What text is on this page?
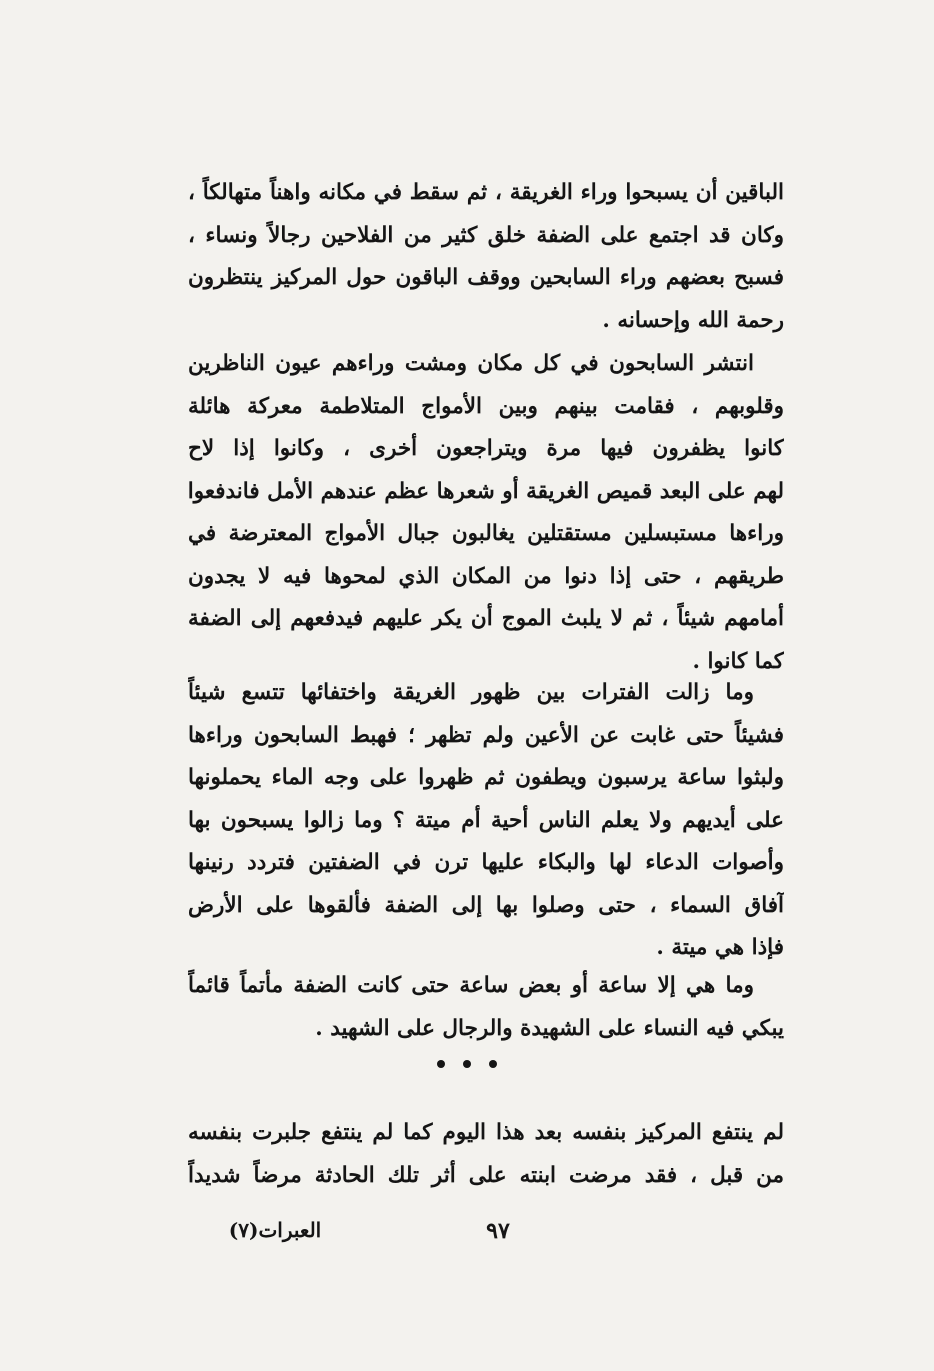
الباقين أن يسبحوا وراء الغريقة ، ثم سقط في مكانه واهناً متهالكاً ،
وكان قد اجتمع على الضفة خلق كثير من الفلاحين رجالاً ونساء ،
فسبح بعضهم وراء السابحين ووقف الباقون حول المركيز ينتظرون
رحمة الله وإحسانه .
انتشر السابحون في كل مكان ومشت وراءهم عيون الناظرين
وقلوبهم ، فقامت بينهم وبين الأمواج المتلاطمة معركة هائلة
كانوا يظفرون فيها مرة ويتراجعون أخرى ، وكانوا إذا لاح
لهم على البعد قميص الغريقة أو شعرها عظم عندهم الأمل فاندفعوا
وراءها مستبسلين مستقتلين يغالبون جبال الأمواج المعترضة في
طريقهم ، حتى إذا دنوا من المكان الذي لمحوها فيه لا يجدون
أمامهم شيئاً ، ثم لا يلبث الموج أن يكر عليهم فيدفعهم إلى الضفة
كما كانوا .
وما زالت الفترات بين ظهور الغريقة واختفائها تتسع شيئاً
فشيئاً حتى غابت عن الأعين ولم تظهر ؛ فهبط السابحون وراءها
ولبثوا ساعة يرسبون ويطفون ثم ظهروا على وجه الماء يحملونها
على أيديهم ولا يعلم الناس أحية أم ميتة ؟ وما زالوا يسبحون بها
وأصوات الدعاء لها والبكاء عليها ترن في الضفتين فتردد رنينها
آفاق السماء ، حتى وصلوا بها إلى الضفة فألقوها على الأرض
فإذا هي ميتة .
وما هي إلا ساعة أو بعض ساعة حتى كانت الضفة مأتماً قائماً
يبكي فيه النساء على الشهيدة والرجال على الشهيد .
لم ينتفع المركيز بنفسه بعد هذا اليوم كما لم ينتفع جلبرت بنفسه
من قبل ، فقد مرضت ابنته على أثر تلك الحادثة مرضاً شديداً
٩٧
العبرات(٧)
